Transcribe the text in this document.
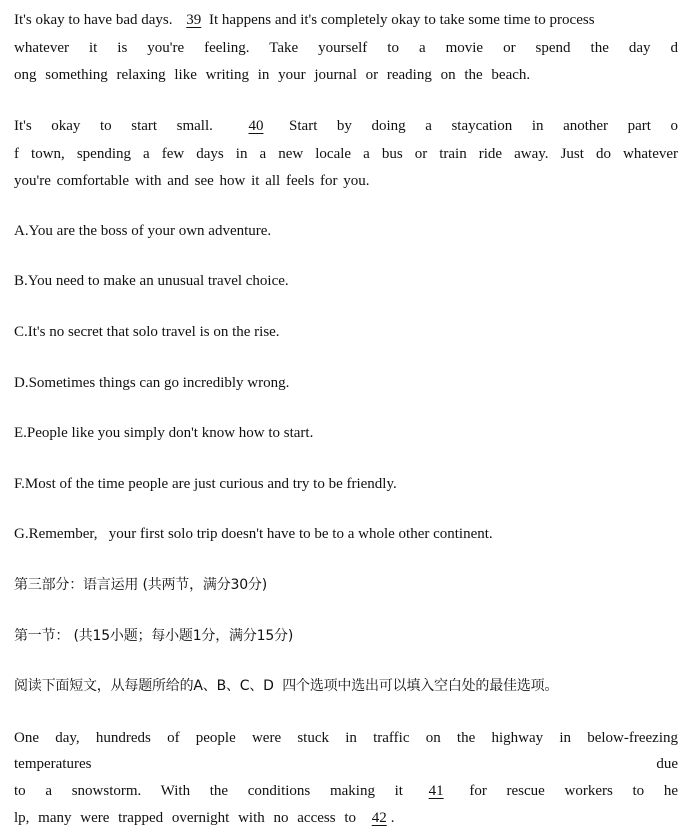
It's okay to have bad days. 39 It happens and it's completely okay to take some time to process
whatever it is you're feeling. Take yourself to a movie or spend the day d
ong something relaxing like writing in your journal or reading on the beach.
It's okay to start small. 40 Start by doing a staycation in another part o
f town, spending a few days in a new locale a bus or train ride away. Just do whatever
you're comfortable with and see how it all feels for you.
A.You are the boss of your own adventure.
B.You need to make an unusual travel choice.
C.It's no secret that solo travel is on the rise.
D.Sometimes things can go incredibly wrong.
E.People like you simply don't know how to start.
F.Most of the time people are just curious and try to be friendly.
G.Remember,   your first solo trip doesn't have to be to a whole other continent.
第三部分：语言运用 (共两节，满分30分)
第一节： (共15小题；每小题1分，满分15分)
阅读下面短文，从每题所给的A、B、C、D  四个选项中选出可以填入空白处的最佳选项。
One day, hundreds of people were stuck in traffic on the highway in below-freezing
temperatures	due
to a snowstorm. With the conditions making it 41 for rescue workers to he
lp, many were trapped overnight with no access to 42 .
